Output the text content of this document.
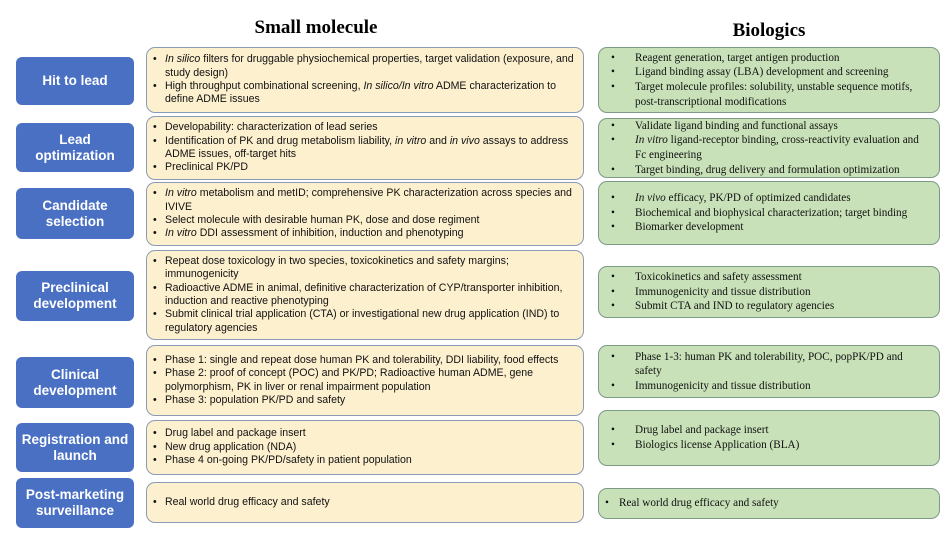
Small molecule	Biologics
Hit to lead
• In silico filters for druggable physiochemical properties, target validation (exposure, and study design)
• High throughput combinational screening, In silico/In vitro ADME characterization to define ADME issues
• Reagent generation, target antigen production
• Ligand binding assay (LBA) development and screening
• Target molecule profiles: solubility, unstable sequence motifs, post-transcriptional modifications
Lead optimization
• Developability: characterization of lead series
• Identification of PK and drug metabolism liability, in vitro and in vivo assays to address ADME issues, off-target hits
• Preclinical PK/PD
• Validate ligand binding and functional assays
• In vitro ligand-receptor binding, cross-reactivity evaluation and Fc engineering
• Target binding, drug delivery and formulation optimization
Candidate selection
• In vitro metabolism and metID; comprehensive PK characterization across species and IVIVE
• Select molecule with desirable human PK, dose and dose regiment
• In vitro DDI assessment of inhibition, induction and phenotyping
• In vivo efficacy, PK/PD of optimized candidates
• Biochemical and biophysical characterization; target binding
• Biomarker development
Preclinical development
• Repeat dose toxicology in two species, toxicokinetics and safety margins; immunogenicity
• Radioactive ADME in animal, definitive characterization of CYP/transporter inhibition, induction and reactive phenotyping
• Submit clinical trial application (CTA) or investigational new drug application (IND) to regulatory agencies
• Toxicokinetics and safety assessment
• Immunogenicity and tissue distribution
• Submit CTA and IND to regulatory agencies
Clinical development
• Phase 1: single and repeat dose human PK and tolerability, DDI liability, food effects
• Phase 2: proof of concept (POC) and PK/PD; Radioactive human ADME, gene polymorphism, PK in liver or renal impairment population
• Phase 3: population PK/PD and safety
• Phase 1-3: human PK and tolerability, POC, popPK/PD and safety
• Immunogenicity and tissue distribution
Registration and launch
• Drug label and package insert
• New drug application (NDA)
• Phase 4 on-going PK/PD/safety in patient population
• Drug label and package insert
• Biologics license Application (BLA)
Post-marketing surveillance
• Real world drug efficacy and safety	• Real world drug efficacy and safety
